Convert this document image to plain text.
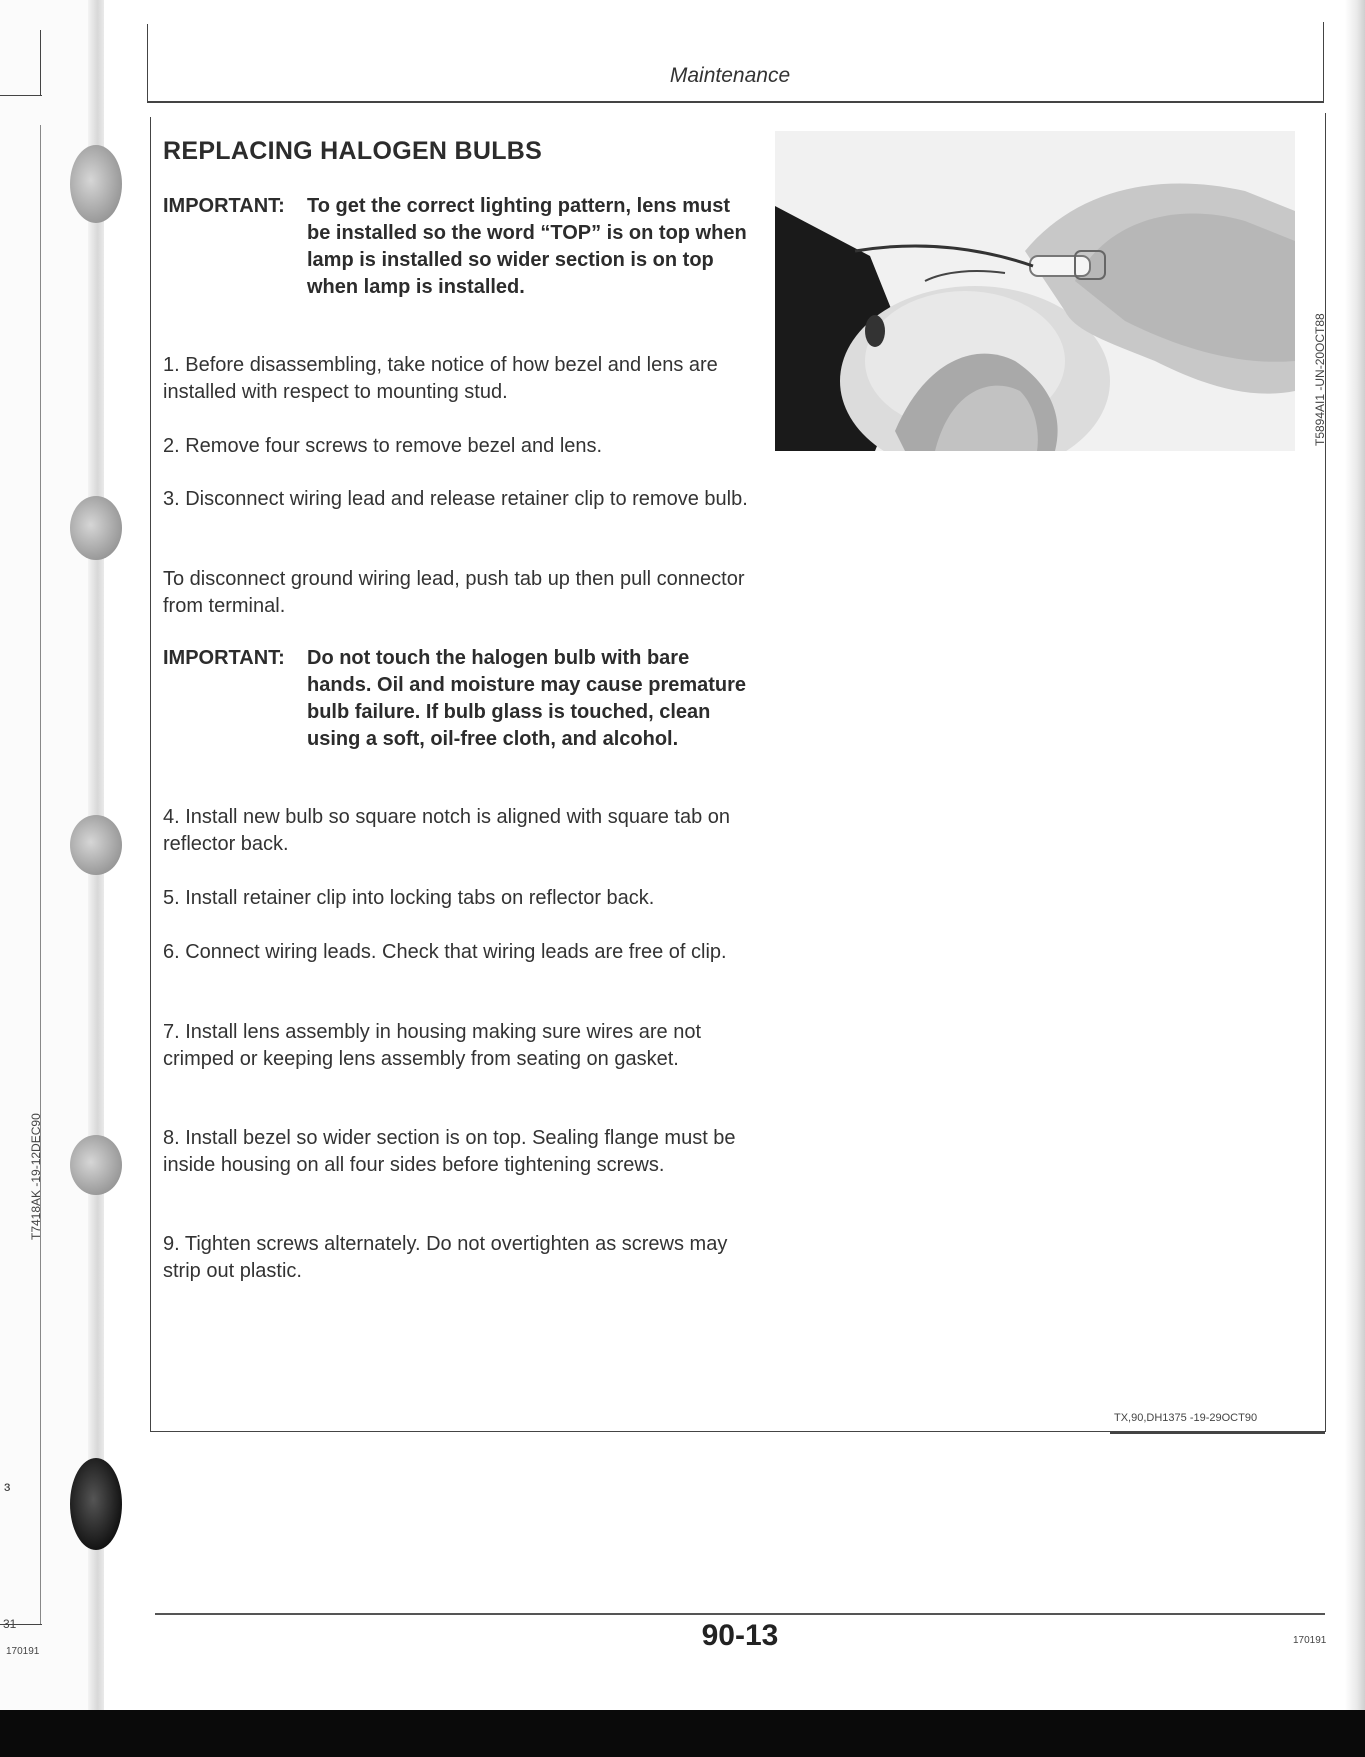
T7418AK -19-12DEC90
ɜ
31
170191
Maintenance
REPLACING HALOGEN BULBS
IMPORTANT: To get the correct lighting pattern, lens must be installed so the word “TOP” is on top when lamp is installed so wider section is on top when lamp is installed.
1. Before disassembling, take notice of how bezel and lens are installed with respect to mounting stud.
2. Remove four screws to remove bezel and lens.
3. Disconnect wiring lead and release retainer clip to remove bulb.
To disconnect ground wiring lead, push tab up then pull connector from terminal.
IMPORTANT: Do not touch the halogen bulb with bare hands. Oil and moisture may cause premature bulb failure. If bulb glass is touched, clean using a soft, oil-free cloth, and alcohol.
4. Install new bulb so square notch is aligned with square tab on reflector back.
5. Install retainer clip into locking tabs on reflector back.
6. Connect wiring leads. Check that wiring leads are free of clip.
7. Install lens assembly in housing making sure wires are not crimped or keeping lens assembly from seating on gasket.
8. Install bezel so wider section is on top. Sealing flange must be inside housing on all four sides before tightening screws.
9. Tighten screws alternately. Do not overtighten as screws may strip out plastic.
T5894AI1 -UN-20OCT88
TX,90,DH1375 -19-29OCT90
90-13	170191
